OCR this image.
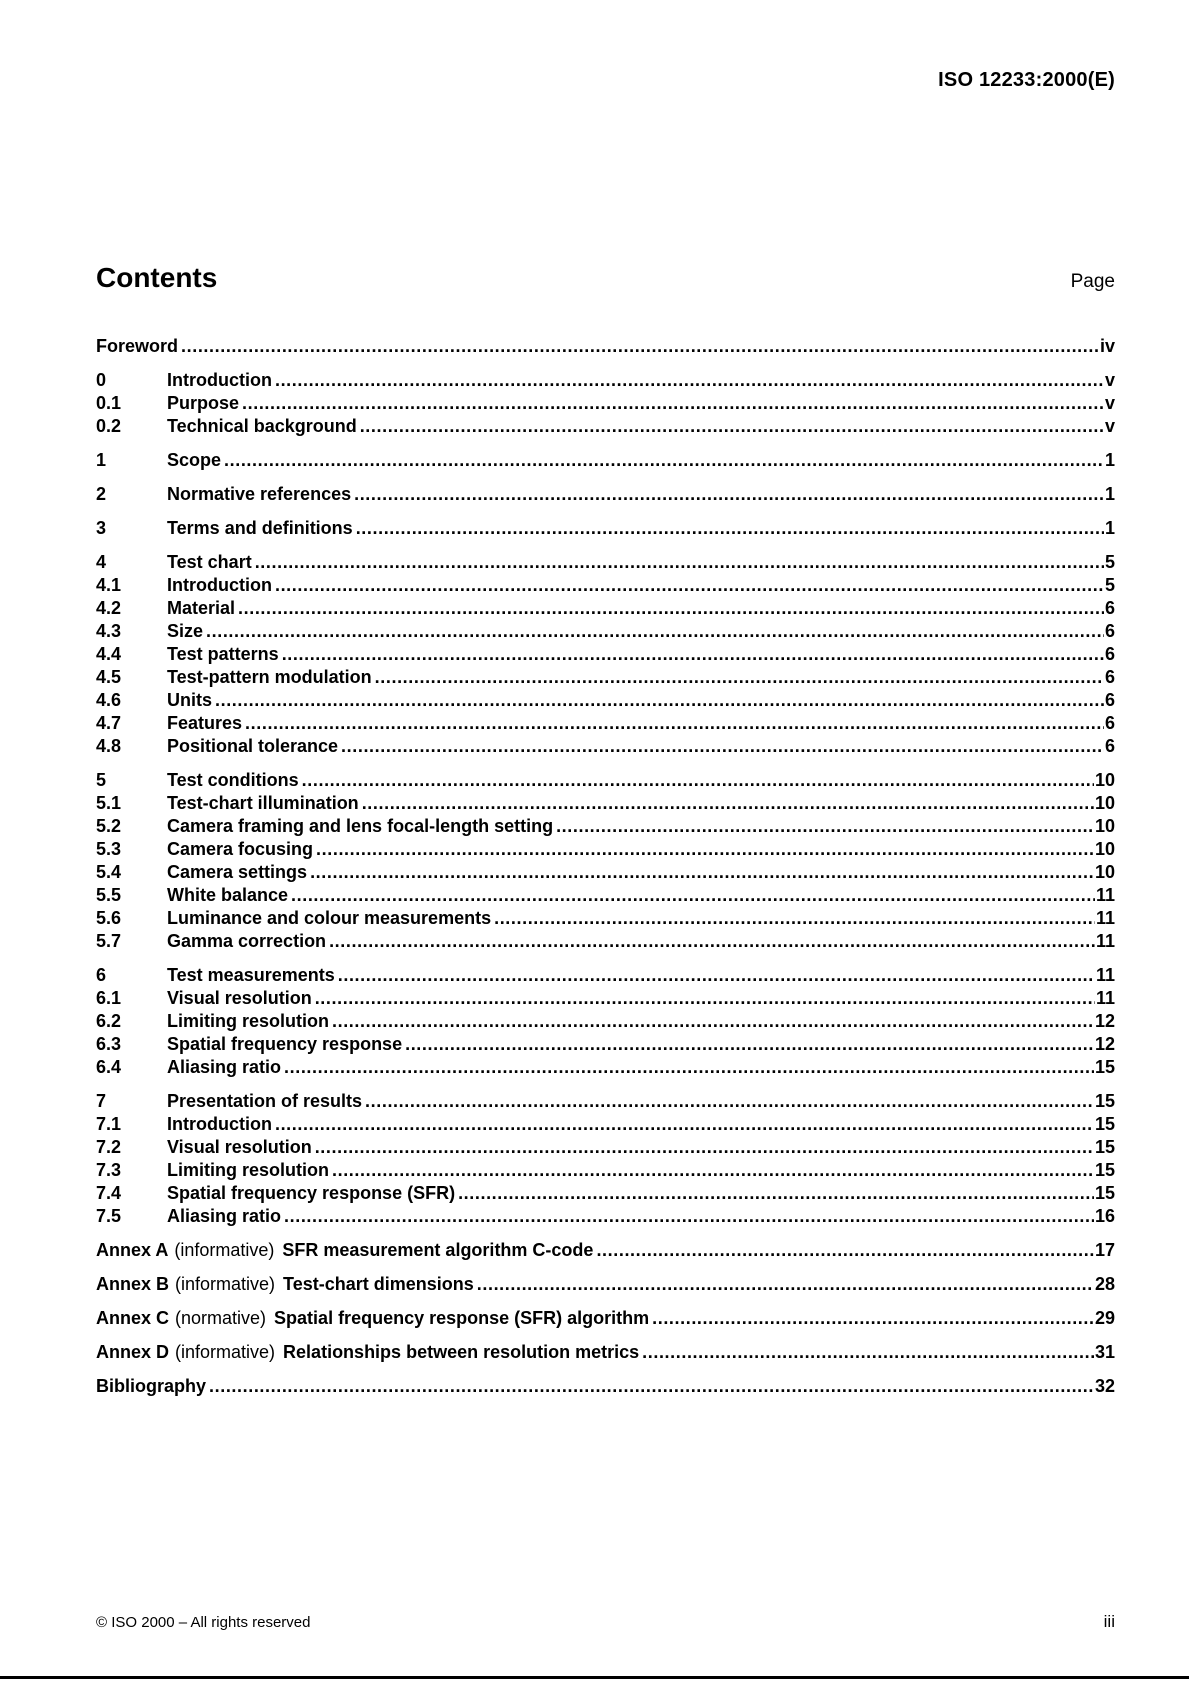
ISO 12233:2000(E)
Contents	Page
Foreword .....	iv
0	Introduction .....	v
0.1	Purpose .....	v
0.2	Technical background .....	v
1	Scope .....	1
2	Normative references .....	1
3	Terms and definitions .....	1
4	Test chart .....	5
4.1	Introduction .....	5
4.2	Material .....	6
4.3	Size .....	6
4.4	Test patterns .....	6
4.5	Test-pattern modulation .....	6
4.6	Units .....	6
4.7	Features .....	6
4.8	Positional tolerance .....	6
5	Test conditions .....	10
5.1	Test-chart illumination .....	10
5.2	Camera framing and lens focal-length setting .....	10
5.3	Camera focusing .....	10
5.4	Camera settings .....	10
5.5	White balance .....	11
5.6	Luminance and colour measurements .....	11
5.7	Gamma correction .....	11
6	Test measurements .....	11
6.1	Visual resolution .....	11
6.2	Limiting resolution .....	12
6.3	Spatial frequency response .....	12
6.4	Aliasing ratio .....	15
7	Presentation of results .....	15
7.1	Introduction .....	15
7.2	Visual resolution .....	15
7.3	Limiting resolution .....	15
7.4	Spatial frequency response (SFR) .....	15
7.5	Aliasing ratio .....	16
Annex A (informative) SFR measurement algorithm C-code .....	17
Annex B (informative) Test-chart dimensions .....	28
Annex C (normative) Spatial frequency response (SFR) algorithm .....	29
Annex D (informative) Relationships between resolution metrics .....	31
Bibliography .....	32
© ISO 2000 – All rights reserved	iii
